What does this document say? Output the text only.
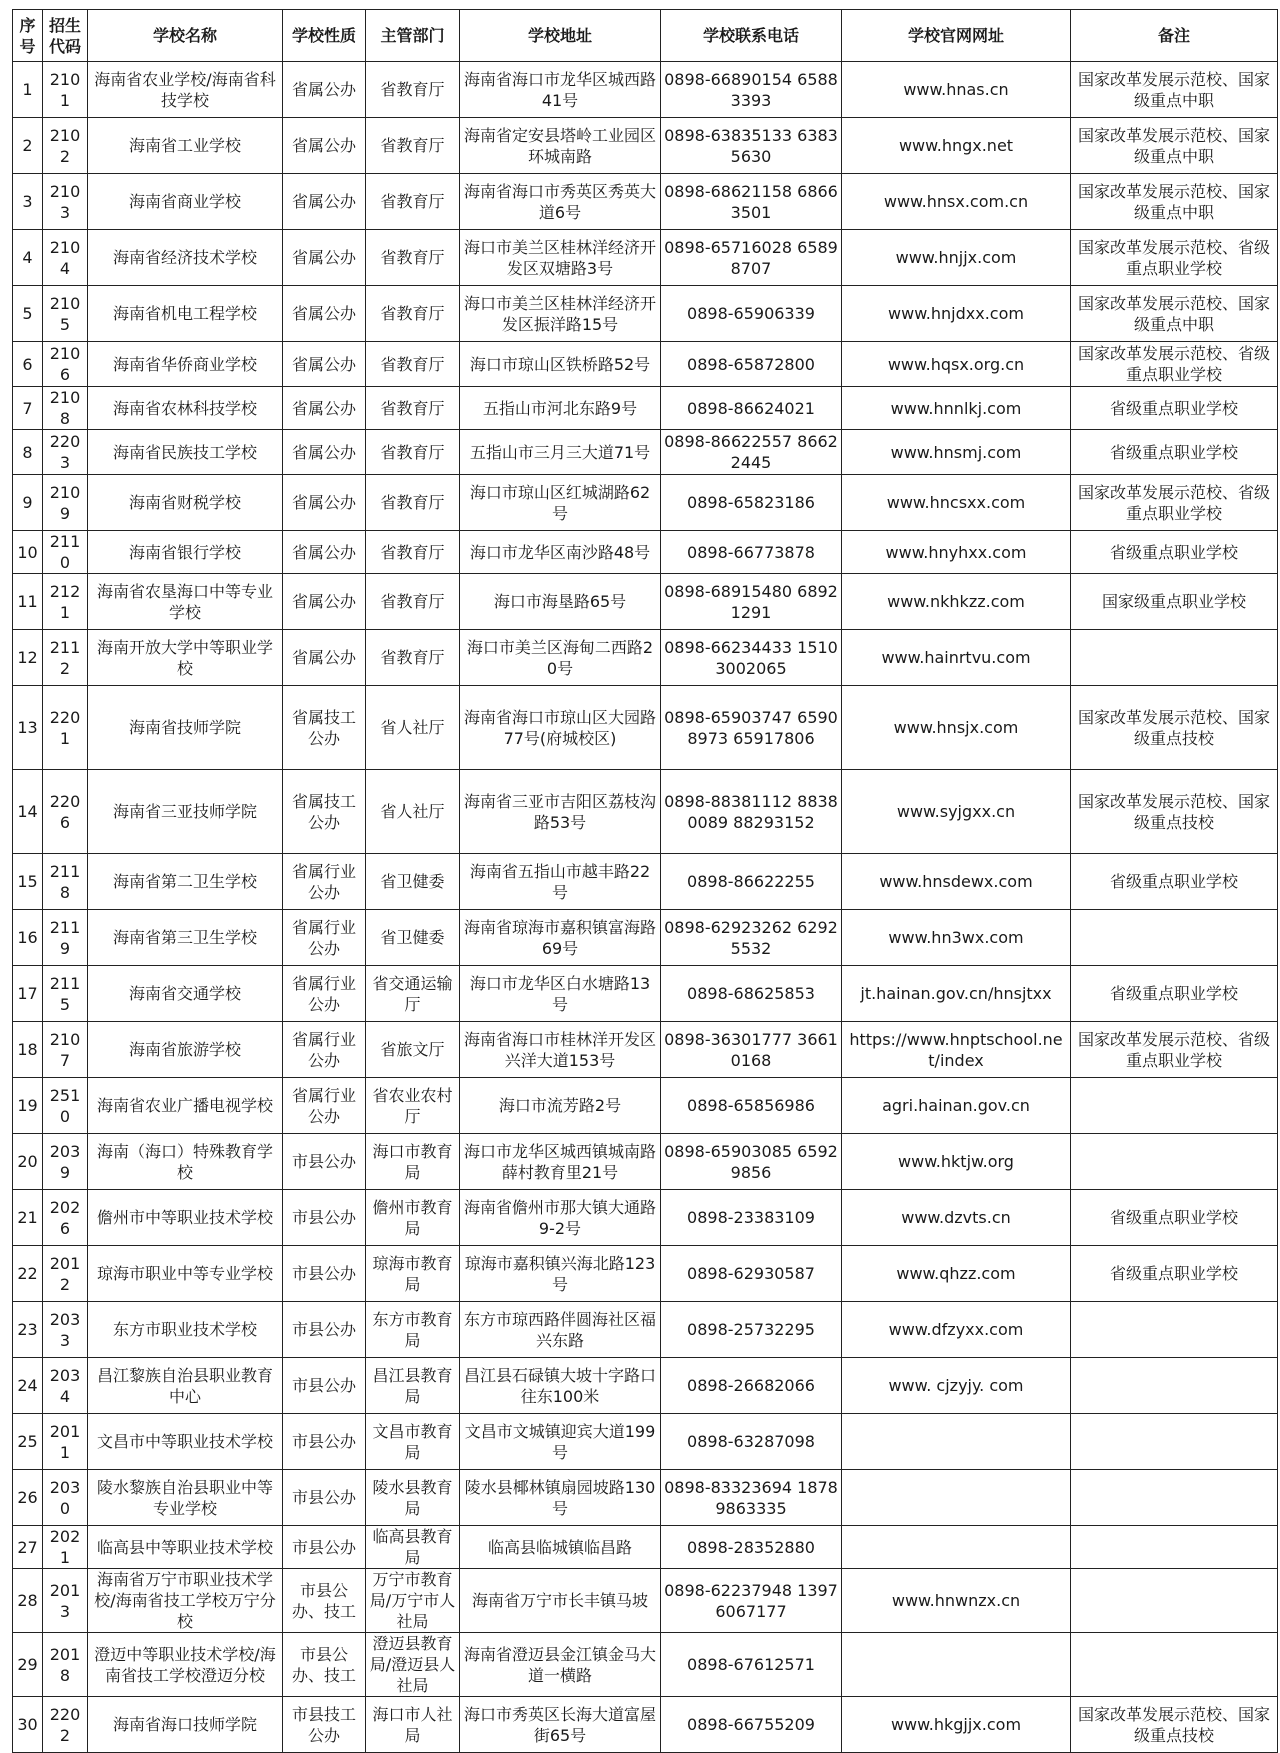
序号	招生代码	学校名称	学校性质	主管部门	学校地址	学校联系电话	学校官网网址	备注
1	2101	海南省农业学校/海南省科技学校	省属公办	省教育厅	海南省海口市龙华区城西路41号	0898-66890154 65883393	www.hnas.cn	国家改革发展示范校、国家级重点中职
2	2102	海南省工业学校	省属公办	省教育厅	海南省定安县塔岭工业园区环城南路	0898-63835133 63835630	www.hngx.net	国家改革发展示范校、国家级重点中职
3	2103	海南省商业学校	省属公办	省教育厅	海南省海口市秀英区秀英大道6号	0898-68621158 68663501	www.hnsx.com.cn	国家改革发展示范校、国家级重点中职
4	2104	海南省经济技术学校	省属公办	省教育厅	海口市美兰区桂林洋经济开发区双塘路3号	0898-65716028 65898707	www.hnjjx.com	国家改革发展示范校、省级重点职业学校
5	2105	海南省机电工程学校	省属公办	省教育厅	海口市美兰区桂林洋经济开发区振洋路15号	0898-65906339	www.hnjdxx.com	国家改革发展示范校、国家级重点中职
6	2106	海南省华侨商业学校	省属公办	省教育厅	海口市琼山区铁桥路52号	0898-65872800	www.hqsx.org.cn	国家改革发展示范校、省级重点职业学校
7	2108	海南省农林科技学校	省属公办	省教育厅	五指山市河北东路9号	0898-86624021	www.hnnlkj.com	省级重点职业学校
8	2203	海南省民族技工学校	省属公办	省教育厅	五指山市三月三大道71号	0898-86622557 86622445	www.hnsmj.com	省级重点职业学校
9	2109	海南省财税学校	省属公办	省教育厅	海口市琼山区红城湖路62号	0898-65823186	www.hncsxx.com	国家改革发展示范校、省级重点职业学校
10	2110	海南省银行学校	省属公办	省教育厅	海口市龙华区南沙路48号	0898-66773878	www.hnyhxx.com	省级重点职业学校
11	2121	海南省农垦海口中等专业学校	省属公办	省教育厅	海口市海垦路65号	0898-68915480 68921291	www.nkhkzz.com	国家级重点职业学校
12	2112	海南开放大学中等职业学校	省属公办	省教育厅	海口市美兰区海甸二西路20号	0898-66234433 15103002065	www.hainrtvu.com	
13	2201	海南省技师学院	省属技工公办	省人社厅	海南省海口市琼山区大园路77号(府城校区)	0898-65903747 65908973 65917806	www.hnsjx.com	国家改革发展示范校、国家级重点技校
14	2206	海南省三亚技师学院	省属技工公办	省人社厅	海南省三亚市吉阳区荔枝沟路53号	0898-88381112 88380089 88293152	www.syjgxx.cn	国家改革发展示范校、国家级重点技校
15	2118	海南省第二卫生学校	省属行业公办	省卫健委	海南省五指山市越丰路22号	0898-86622255	www.hnsdewx.com	省级重点职业学校
16	2119	海南省第三卫生学校	省属行业公办	省卫健委	海南省琼海市嘉积镇富海路69号	0898-62923262 62925532	www.hn3wx.com	
17	2115	海南省交通学校	省属行业公办	省交通运输厅	海口市龙华区白水塘路13号	0898-68625853	jt.hainan.gov.cn/hnsjtxx	省级重点职业学校
18	2107	海南省旅游学校	省属行业公办	省旅文厅	海南省海口市桂林洋开发区兴洋大道153号	0898-36301777 36610168	https://www.hnptschool.net/index	国家改革发展示范校、省级重点职业学校
19	2510	海南省农业广播电视学校	省属行业公办	省农业农村厅	海口市流芳路2号	0898-65856986	agri.hainan.gov.cn	
20	2039	海南（海口）特殊教育学校	市县公办	海口市教育局	海口市龙华区城西镇城南路薛村教育里21号	0898-65903085 65929856	www.hktjw.org	
21	2026	儋州市中等职业技术学校	市县公办	儋州市教育局	海南省儋州市那大镇大通路9-2号	0898-23383109	www.dzvts.cn	省级重点职业学校
22	2012	琼海市职业中等专业学校	市县公办	琼海市教育局	琼海市嘉积镇兴海北路123号	0898-62930587	www.qhzz.com	省级重点职业学校
23	2033	东方市职业技术学校	市县公办	东方市教育局	东方市琼西路伴圆海社区福兴东路	0898-25732295	www.dfzyxx.com	
24	2034	昌江黎族自治县职业教育中心	市县公办	昌江县教育局	昌江县石碌镇大坡十字路口往东100米	0898-26682066	www. cjzyjy. com	
25	2011	文昌市中等职业技术学校	市县公办	文昌市教育局	文昌市文城镇迎宾大道199号	0898-63287098		
26	2030	陵水黎族自治县职业中等专业学校	市县公办	陵水县教育局	陵水县椰林镇扇园坡路130号	0898-83323694 18789863335		
27	2021	临高县中等职业技术学校	市县公办	临高县教育局	临高县临城镇临昌路	0898-28352880		
28	2013	海南省万宁市职业技术学校/海南省技工学校万宁分校	市县公办、技工	万宁市教育局/万宁市人社局	海南省万宁市长丰镇马坡	0898-62237948 13976067177	www.hnwnzx.cn	
29	2018	澄迈中等职业技术学校/海南省技工学校澄迈分校	市县公办、技工	澄迈县教育局/澄迈县人社局	海南省澄迈县金江镇金马大道一横路	0898-67612571		
30	2202	海南省海口技师学院	市县技工公办	海口市人社局	海口市秀英区长海大道富屋街65号	0898-66755209	www.hkgjjx.com	国家改革发展示范校、国家级重点技校
